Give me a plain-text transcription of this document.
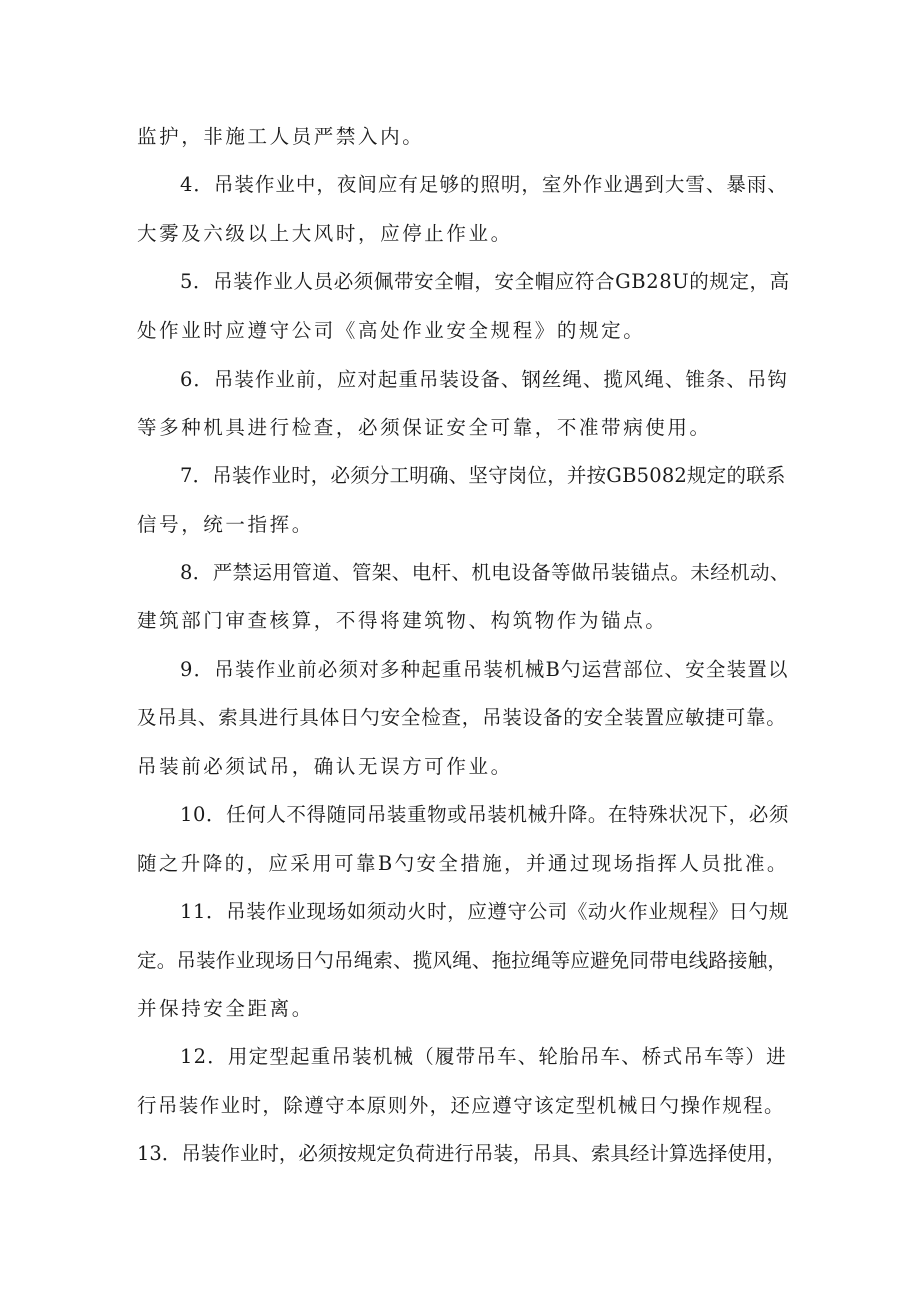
监护，非施工人员严禁入内。
4．吊装作业中，夜间应有足够的照明，室外作业遇到大雪、暴雨、
大雾及六级以上大风时，应停止作业。
5．吊装作业人员必须佩带安全帽，安全帽应符合GB28U的规定，高
处作业时应遵守公司《高处作业安全规程》的规定。
6．吊装作业前，应对起重吊装设备、钢丝绳、揽风绳、锥条、吊钩
等多种机具进行检查，必须保证安全可靠，不准带病使用。
7．吊装作业时，必须分工明确、坚守岗位，并按GB5082规定的联系
信号，统一指挥。
8．严禁运用管道、管架、电杆、机电设备等做吊装锚点。未经机动、
建筑部门审查核算，不得将建筑物、构筑物作为锚点。
9．吊装作业前必须对多种起重吊装机械B勺运营部位、安全装置以
及吊具、索具进行具体日勺安全检查，吊装设备的安全装置应敏捷可靠。
吊装前必须试吊，确认无误方可作业。
10．任何人不得随同吊装重物或吊装机械升降。在特殊状况下，必须
随之升降的，应采用可靠B勺安全措施，并通过现场指挥人员批准。
11．吊装作业现场如须动火时，应遵守公司《动火作业规程》日勺规
定。吊装作业现场日勺吊绳索、揽风绳、拖拉绳等应避免同带电线路接触，
并保持安全距离。
12．用定型起重吊装机械（履带吊车、轮胎吊车、桥式吊车等）进
行吊装作业时，除遵守本原则外，还应遵守该定型机械日勺操作规程。
13．吊装作业时，必须按规定负荷进行吊装，吊具、索具经计算选择使用，
